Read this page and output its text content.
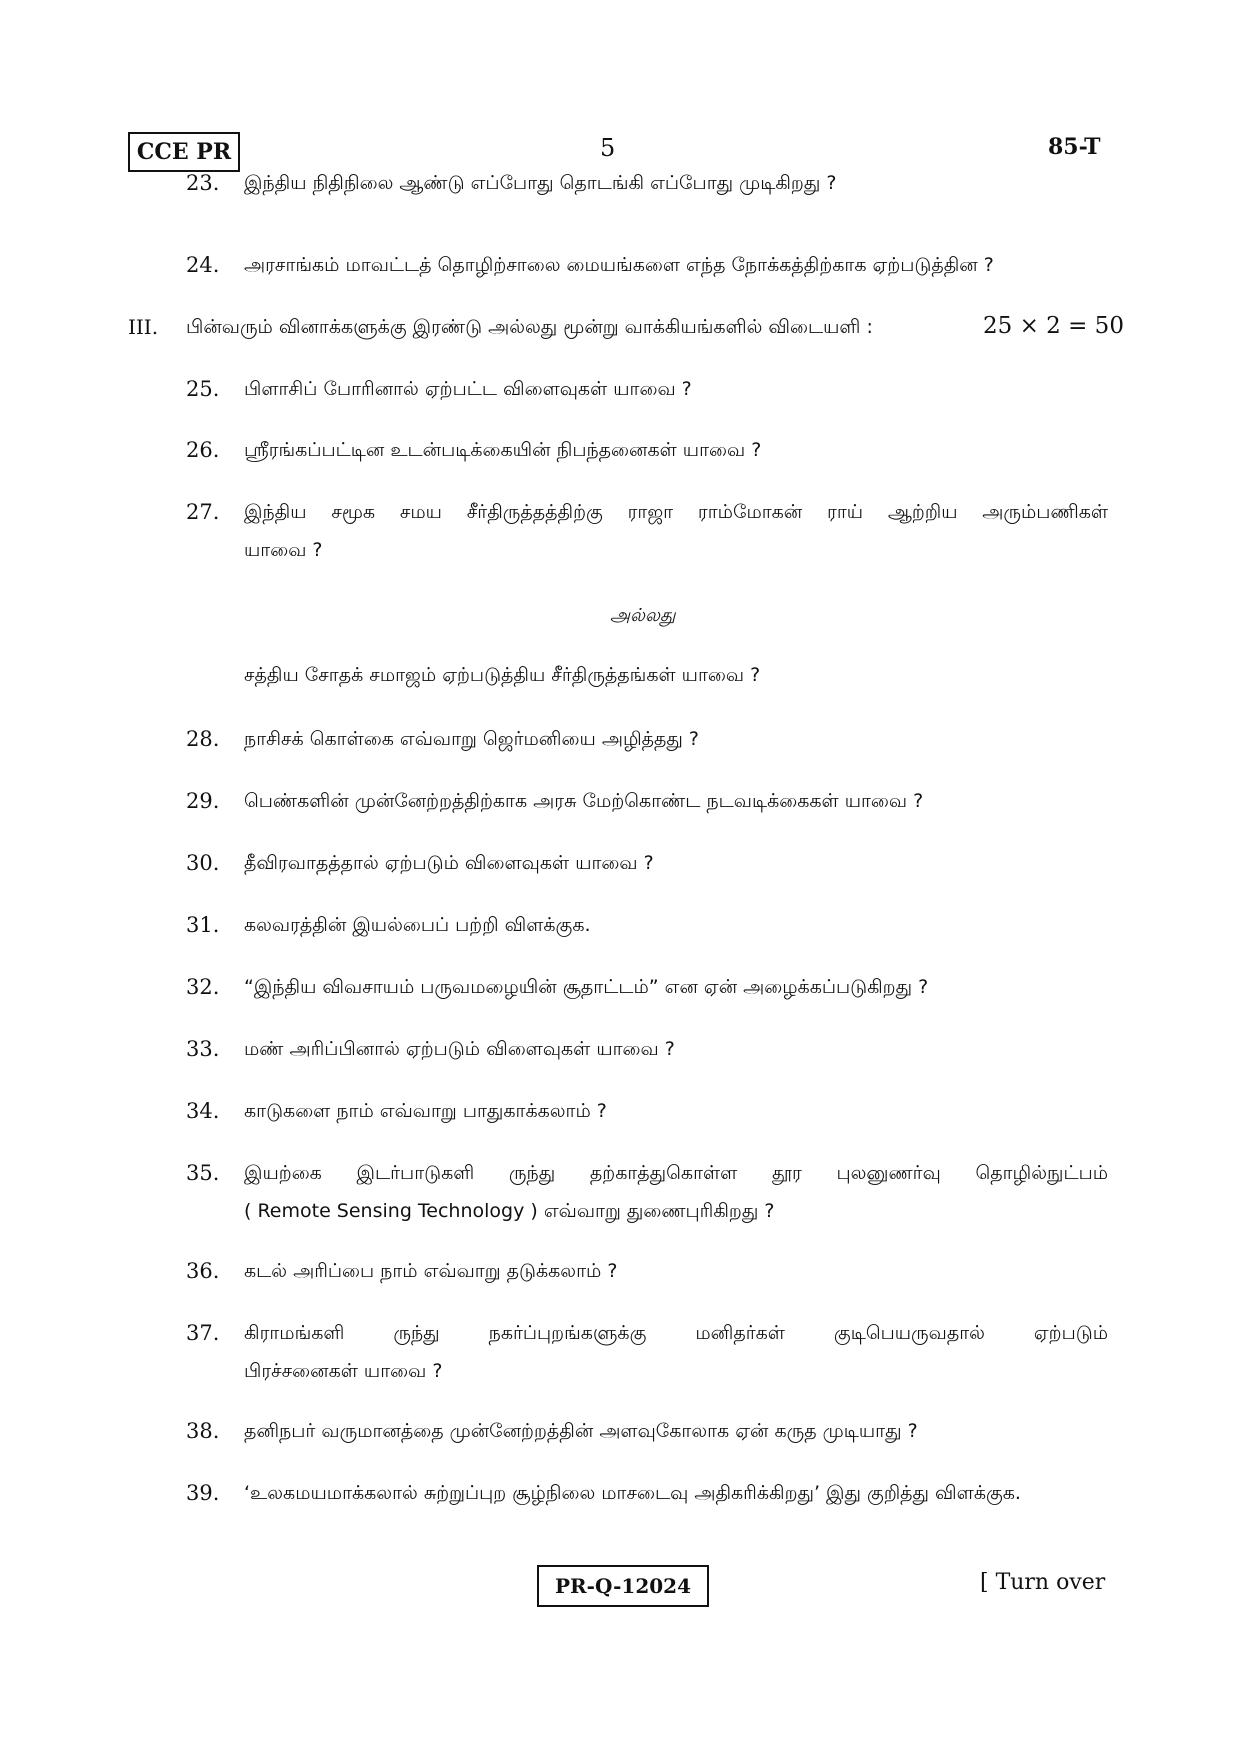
CCE PR	5	85-T
23. இந்திய நிதிநிலை ஆண்டு எப்போது தொடங்கி எப்போது முடிகிறது ?
24. அரசாங்கம் மாவட்டத் தொழிற்சாலை மையங்களை எந்த நோக்கத்திற்காக ஏற்படுத்தின ?
III. பின்வரும் வினாக்களுக்கு இரண்டு அல்லது மூன்று வாக்கியங்களில் விடையளி :	25 × 2 = 50
25. பிளாசிப் போரினால் ஏற்பட்ட விளைவுகள் யாவை ?
26. ஸ்ரீரங்கப்பட்டின உடன்படிக்கையின் நிபந்தனைகள் யாவை ?
27. இந்திய சமூக சமய சீர்திருத்தத்திற்கு ராஜா ராம்மோகன் ராய் ஆற்றிய அரும்பணிகள்
யாவை ?
அல்லது
சத்திய சோதக் சமாஜம் ஏற்படுத்திய சீர்திருத்தங்கள் யாவை ?
28. நாசிசக் கொள்கை எவ்வாறு ஜெர்மனியை அழித்தது ?
29. பெண்களின் முன்னேற்றத்திற்காக அரசு மேற்கொண்ட நடவடிக்கைகள் யாவை ?
30. தீவிரவாதத்தால் ஏற்படும் விளைவுகள் யாவை ?
31. கலவரத்தின் இயல்பைப் பற்றி விளக்குக.
32. “இந்திய விவசாயம் பருவமழையின் சூதாட்டம்” என ஏன் அழைக்கப்படுகிறது ?
33. மண் அரிப்பினால் ஏற்படும் விளைவுகள் யாவை ?
34. காடுகளை நாம் எவ்வாறு பாதுகாக்கலாம் ?
35. இயற்கை இடர்பாடுகளி ருந்து தற்காத்துகொள்ள தூர புலனுணர்வு தொழில்நுட்பம்
( Remote Sensing Technology ) எவ்வாறு துணைபுரிகிறது ?
36. கடல் அரிப்பை நாம் எவ்வாறு தடுக்கலாம் ?
37. கிராமங்களி ருந்து நகர்ப்புறங்களுக்கு மனிதர்கள் குடிபெயருவதால் ஏற்படும்
பிரச்சனைகள் யாவை ?
38. தனிநபர் வருமானத்தை முன்னேற்றத்தின் அளவுகோலாக ஏன் கருத முடியாது ?
39. ‘உலகமயமாக்கலால் சுற்றுப்புற சூழ்நிலை மாசடைவு அதிகரிக்கிறது’ இது குறித்து விளக்குக.
PR-Q-12024	[ Turn over
